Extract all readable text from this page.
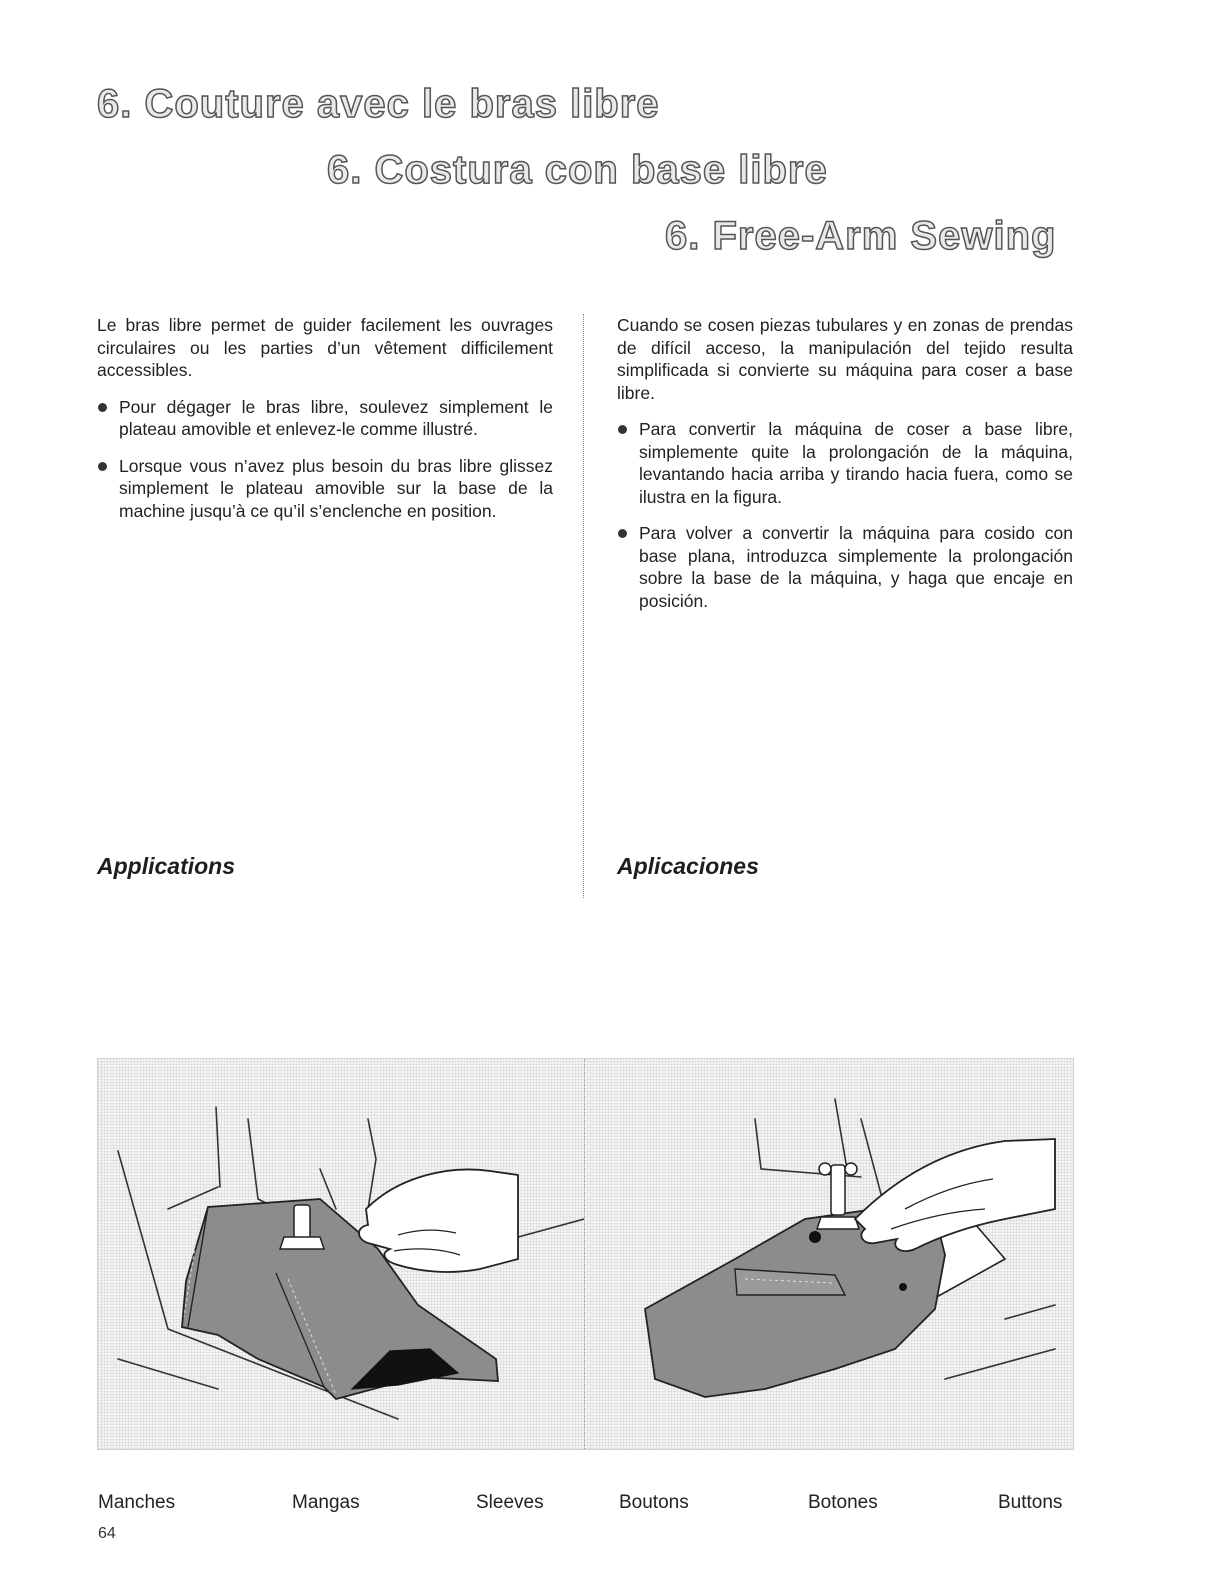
6. Couture avec le bras libre
6. Costura con base libre
6. Free-Arm Sewing

Le bras libre permet de guider facilement les ouvrages circulaires ou les parties d’un vêtement difficilement accessibles.

Pour dégager le bras libre, soulevez simplement le plateau amovible et enlevez-le comme illustré.
Lorsque vous n’avez plus besoin du bras libre glissez simplement le plateau amovible sur la base de la machine jusqu’à ce qu’il s’enclenche en position.

Cuando se cosen piezas tubulares y en zonas de prendas de difícil acceso, la manipulación del tejido resulta simplificada si convierte su máquina para coser a base libre.

Para convertir la máquina de coser a base libre, simplemente quite la prolongación de la máquina, levantando hacia arriba y tirando hacia fuera, como se ilustra en la figura.
Para volver a convertir la máquina para cosido con base plana, introduzca simplemente la prolongación sobre la base de la máquina, y haga que encaje en posición.
Applications	Aplicaciones

Manches	Mangas	Sleeves	Boutons	Botones	Buttons

64
